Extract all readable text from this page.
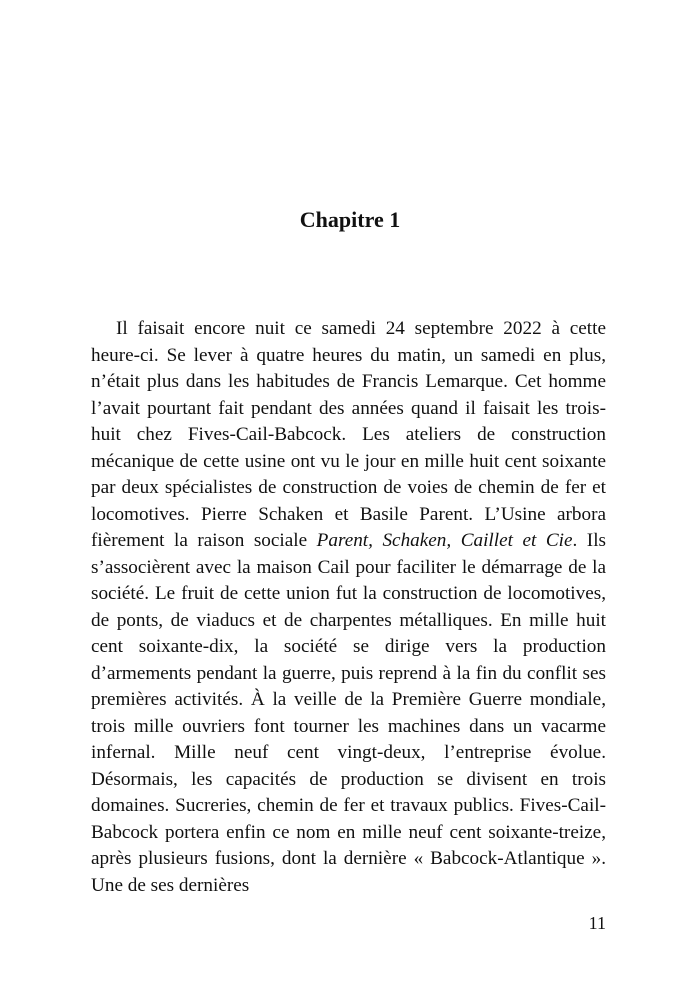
Chapitre 1

Il faisait encore nuit ce samedi 24 septembre 2022 à cette heure-ci. Se lever à quatre heures du matin, un samedi en plus, n’était plus dans les habitudes de Francis Lemarque. Cet homme l’avait pourtant fait pendant des années quand il faisait les trois-huit chez Fives-Cail-Babcock. Les ateliers de construction mécanique de cette usine ont vu le jour en mille huit cent soixante par deux spécialistes de construction de voies de chemin de fer et locomotives. Pierre Schaken et Basile Parent. L’Usine arbora fièrement la raison sociale Parent, Schaken, Caillet et Cie. Ils s’associèrent avec la maison Cail pour faciliter le démarrage de la société. Le fruit de cette union fut la construction de locomotives, de ponts, de viaducs et de charpentes métalliques. En mille huit cent soixante-dix, la société se dirige vers la production d’armements pendant la guerre, puis reprend à la fin du conflit ses premières activités. À la veille de la Première Guerre mondiale, trois mille ouvriers font tourner les machines dans un vacarme infernal. Mille neuf cent vingt-deux, l’entreprise évolue. Désormais, les capacités de production se divisent en trois domaines. Sucreries, chemin de fer et travaux publics. Fives-Cail-Babcock portera enfin ce nom en mille neuf cent soixante-treize, après plusieurs fusions, dont la dernière « Babcock-Atlantique ». Une de ses dernières

11
